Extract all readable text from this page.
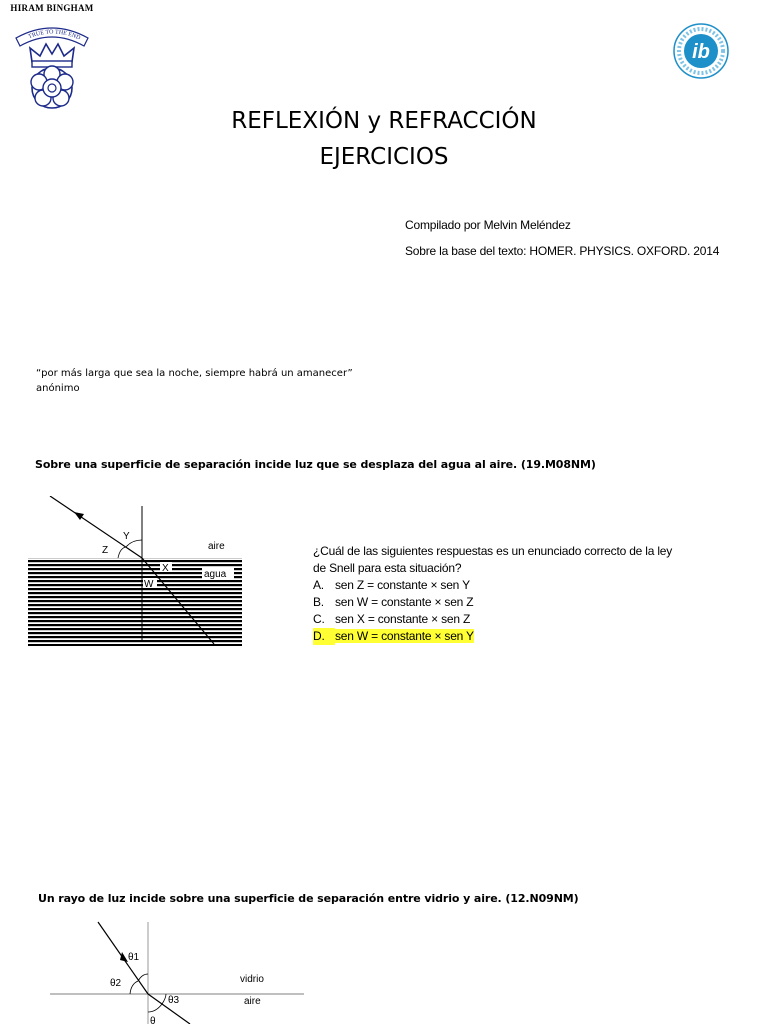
HIRAM BINGHAM
TRUE TO THE END
ib
REFLEXIÓN y REFRACCIÓN
EJERCICIOS
Compilado por Melvin Meléndez
Sobre la base del texto: HOMER. PHYSICS. OXFORD. 2014
“por más larga que sea la noche, siempre habrá un amanecer”
anónimo
Sobre una superficie de separación incide luz que se desplaza del agua al aire. (19.M08NM)
agua
Y
Z	aire
X
W
¿Cuál de las siguientes respuestas es un enunciado correcto de la ley
de Snell para esta situación?
A. sen Z = constante × sen Y
B. sen W = constante × sen Z
C. sen X = constante × sen Z
D. sen W = constante × sen Y
Un rayo de luz incide sobre una superficie de separación entre vidrio y aire. (12.N09NM)
θ1
θ2
θ3
θ
vidrio
aire
